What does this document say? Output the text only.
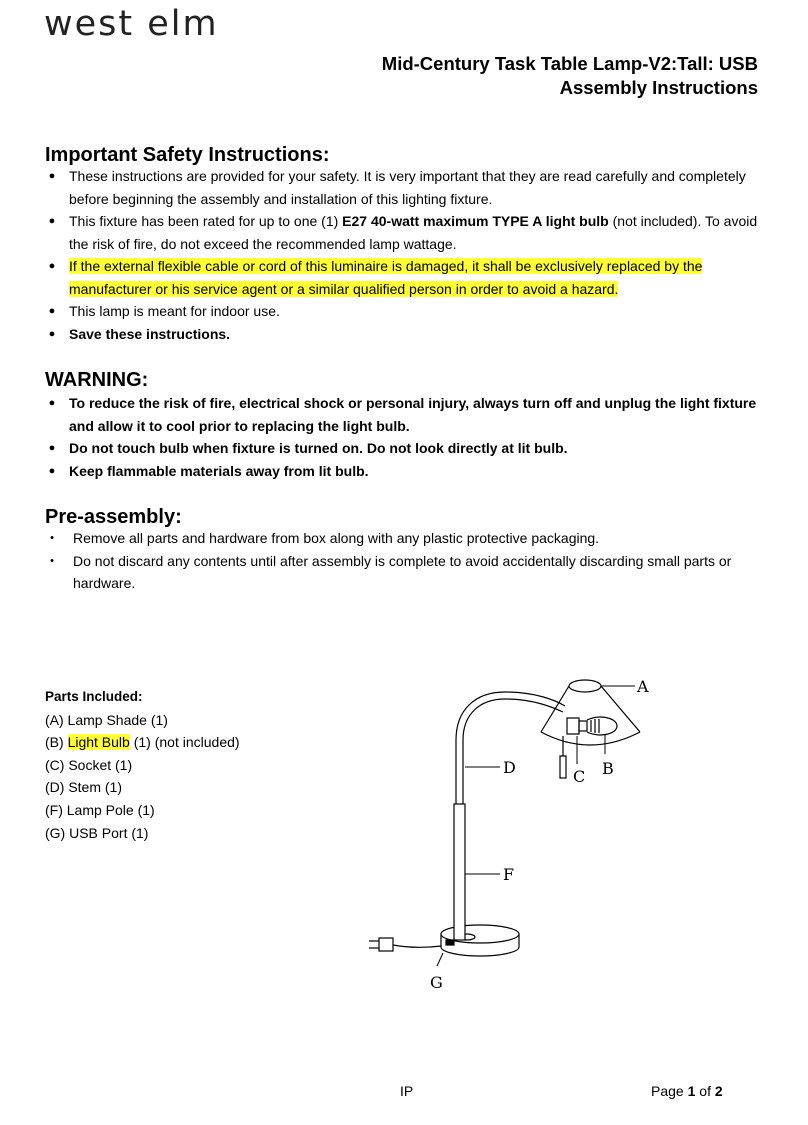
west elm
Mid-Century Task Table Lamp-V2:Tall: USB
Assembly Instructions
Important Safety Instructions:
● These instructions are provided for your safety. It is very important that they are read carefully and completely before beginning the assembly and installation of this lighting fixture.
● This fixture has been rated for up to one (1) E27 40-watt maximum TYPE A light bulb (not included). To avoid the risk of fire, do not exceed the recommended lamp wattage.
● If the external flexible cable or cord of this luminaire is damaged, it shall be exclusively replaced by the manufacturer or his service agent or a similar qualified person in order to avoid a hazard.
● This lamp is meant for indoor use.
● Save these instructions.
WARNING:
● To reduce the risk of fire, electrical shock or personal injury, always turn off and unplug the light fixture and allow it to cool prior to replacing the light bulb.
● Do not touch bulb when fixture is turned on. Do not look directly at lit bulb.
● Keep flammable materials away from lit bulb.
Pre-assembly:
•	Remove all parts and hardware from box along with any plastic protective packaging.
•	Do not discard any contents until after assembly is complete to avoid accidentally discarding small parts or hardware.
Parts Included:
(A) Lamp Shade (1)
(B) Light Bulb (1) (not included)
(C) Socket (1)
(D) Stem (1)
(F) Lamp Pole (1)
(G) USB Port (1)
A
B
C
D
F
G
IP	Page 1 of 2
